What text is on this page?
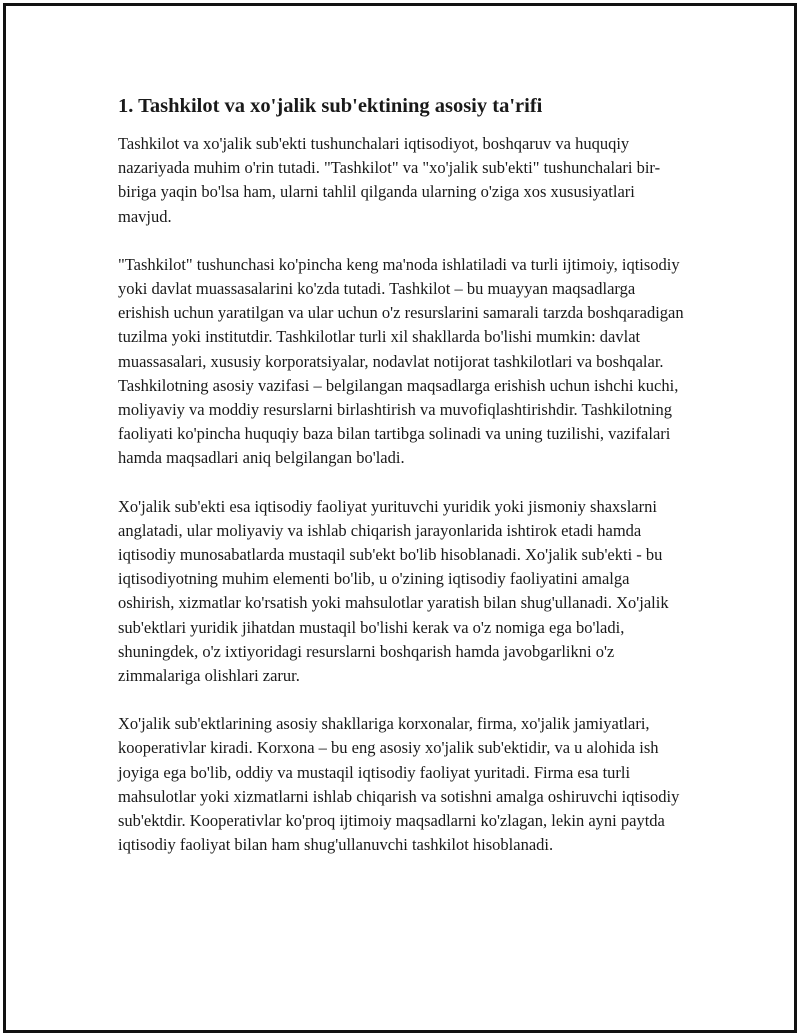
1. Tashkilot va xo'jalik sub'ektining asosiy ta'rifi

Tashkilot va xo'jalik sub'ekti tushunchalari iqtisodiyot, boshqaruv va huquqiy nazariyada muhim o'rin tutadi. "Tashkilot" va "xo'jalik sub'ekti" tushunchalari bir-biriga yaqin bo'lsa ham, ularni tahlil qilganda ularning o'ziga xos xususiyatlari mavjud.

"Tashkilot" tushunchasi ko'pincha keng ma'noda ishlatiladi va turli ijtimoiy, iqtisodiy yoki davlat muassasalarini ko'zda tutadi. Tashkilot – bu muayyan maqsadlarga erishish uchun yaratilgan va ular uchun o'z resurslarini samarali tarzda boshqaradigan tuzilma yoki institutdir. Tashkilotlar turli xil shakllarda bo'lishi mumkin: davlat muassasalari, xususiy korporatsiyalar, nodavlat notijorat tashkilotlari va boshqalar. Tashkilotning asosiy vazifasi – belgilangan maqsadlarga erishish uchun ishchi kuchi, moliyaviy va moddiy resurslarni birlashtirish va muvofiqlashtirishdir. Tashkilotning faoliyati ko'pincha huquqiy baza bilan tartibga solinadi va uning tuzilishi, vazifalari hamda maqsadlari aniq belgilangan bo'ladi.

Xo'jalik sub'ekti esa iqtisodiy faoliyat yurituvchi yuridik yoki jismoniy shaxslarni anglatadi, ular moliyaviy va ishlab chiqarish jarayonlarida ishtirok etadi hamda iqtisodiy munosabatlarda mustaqil sub'ekt bo'lib hisoblanadi. Xo'jalik sub'ekti - bu iqtisodiyotning muhim elementi bo'lib, u o'zining iqtisodiy faoliyatini amalga oshirish, xizmatlar ko'rsatish yoki mahsulotlar yaratish bilan shug'ullanadi. Xo'jalik sub'ektlari yuridik jihatdan mustaqil bo'lishi kerak va o'z nomiga ega bo'ladi, shuningdek, o'z ixtiyoridagi resurslarni boshqarish hamda javobgarlikni o'z zimmalariga olishlari zarur.

Xo'jalik sub'ektlarining asosiy shakllariga korxonalar, firma, xo'jalik jamiyatlari, kooperativlar kiradi. Korxona – bu eng asosiy xo'jalik sub'ektidir, va u alohida ish joyiga ega bo'lib, oddiy va mustaqil iqtisodiy faoliyat yuritadi. Firma esa turli mahsulotlar yoki xizmatlarni ishlab chiqarish va sotishni amalga oshiruvchi iqtisodiy sub'ektdir. Kooperativlar ko'proq ijtimoiy maqsadlarni ko'zlagan, lekin ayni paytda iqtisodiy faoliyat bilan ham shug'ullanuvchi tashkilot hisoblanadi.
